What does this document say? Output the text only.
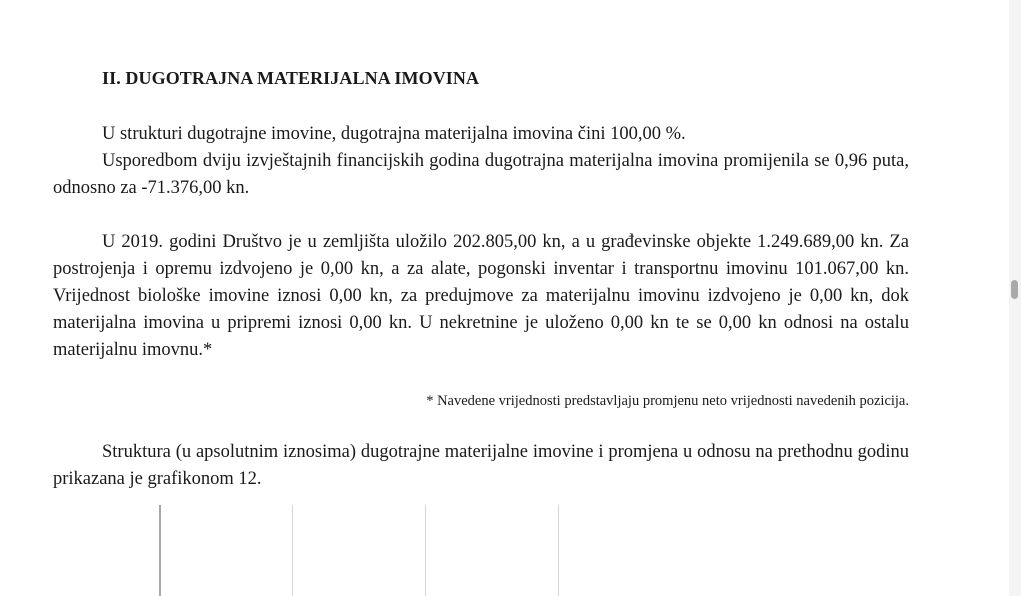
II. DUGOTRAJNA MATERIJALNA IMOVINA

U strukturi dugotrajne imovine, dugotrajna materijalna imovina čini 100,00 %.

Usporedbom dviju izvještajnih financijskih godina dugotrajna materijalna imovina promijenila se 0,96 puta, odnosno za -71.376,00 kn.

U 2019. godini Društvo je u zemljišta uložilo 202.805,00 kn, a u građevinske objekte 1.249.689,00 kn. Za postrojenja i opremu izdvojeno je 0,00 kn, a za alate, pogonski inventar i transportnu imovinu 101.067,00 kn. Vrijednost biološke imovine iznosi 0,00 kn, za predujmove za materijalnu imovinu izdvojeno je 0,00 kn, dok materijalna imovina u pripremi iznosi 0,00 kn. U nekretnine je uloženo 0,00 kn te se 0,00 kn odnosi na ostalu materijalnu imovnu.*

* Navedene vrijednosti predstavljaju promjenu neto vrijednosti navedenih pozicija.

Struktura (u apsolutnim iznosima) dugotrajne materijalne imovine i promjena u odnosu na prethodnu godinu prikazana je grafikonom 12.
